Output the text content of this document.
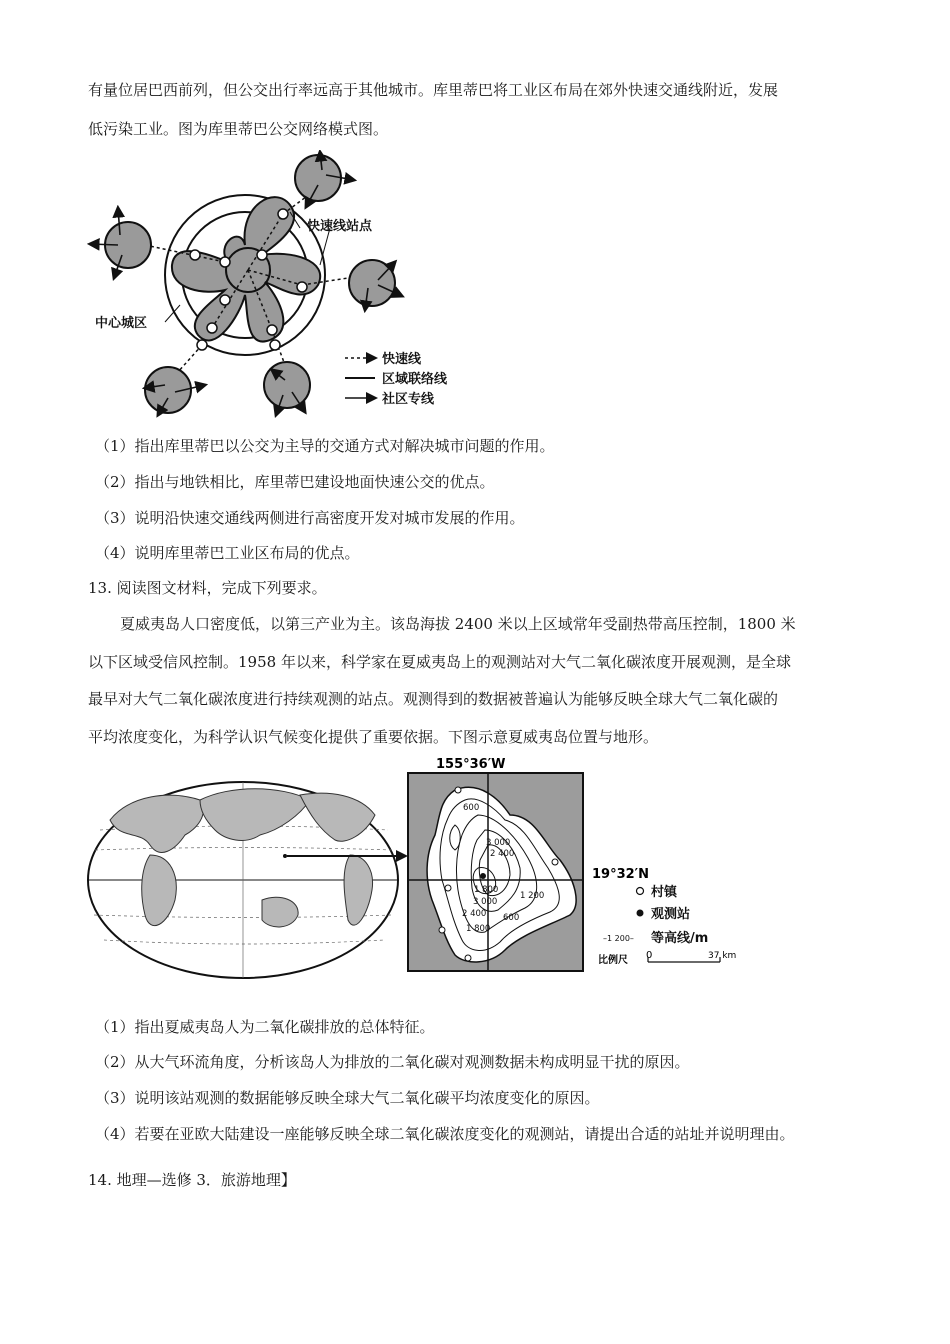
有量位居巴西前列，但公交出行率远高于其他城市。库里蒂巴将工业区布局在郊外快速交通线附近，发展
低污染工业。图为库里蒂巴公交网络模式图。
快速线站点
中心城区
快速线
区域联络线
社区专线
（1）指出库里蒂巴以公交为主导的交通方式对解决城市问题的作用。
（2）指出与地铁相比，库里蒂巴建设地面快速公交的优点。
（3）说明沿快速交通线两侧进行高密度开发对城市发展的作用。
（4）说明库里蒂巴工业区布局的优点。
13. 阅读图文材料，完成下列要求。
夏威夷岛人口密度低，以第三产业为主。该岛海拔 2400 米以上区域常年受副热带高压控制，1800 米
以下区域受信风控制。1958 年以来，科学家在夏威夷岛上的观测站对大气二氧化碳浓度开展观测，是全球
最早对大气二氧化碳浓度进行持续观测的站点。观测得到的数据被普遍认为能够反映全球大气二氧化碳的
平均浓度变化，为科学认识气候变化提供了重要依据。下图示意夏威夷岛位置与地形。
600
3 000
2 400
1 800
3 000
2 400
1 800
1 200
600
155°36′W
19°32′N
村镇
观测站
–1 200– 等高线/m
比例尺 0	37 km
（1）指出夏威夷岛人为二氧化碳排放的总体特征。
（2）从大气环流角度，分析该岛人为排放的二氧化碳对观测数据未构成明显干扰的原因。
（3）说明该站观测的数据能够反映全球大气二氧化碳平均浓度变化的原因。
（4）若要在亚欧大陆建设一座能够反映全球二氧化碳浓度变化的观测站，请提出合适的站址并说明理由。
14. 地理—选修 3．旅游地理】
